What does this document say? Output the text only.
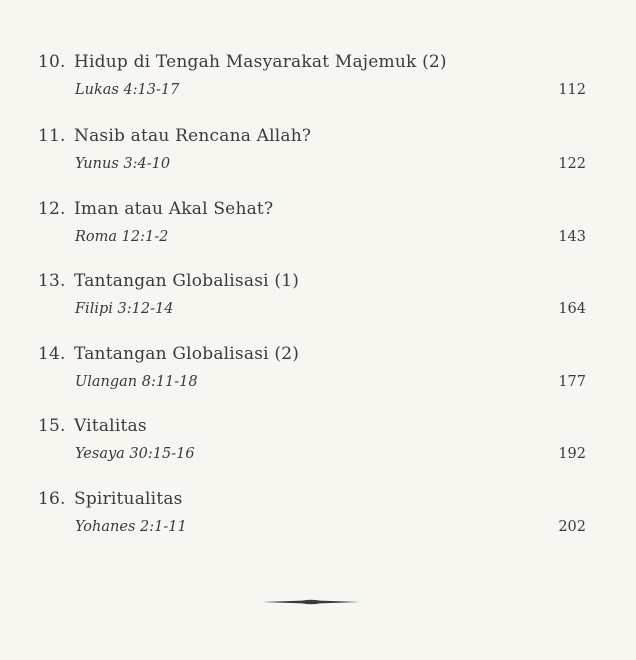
10. Hidup di Tengah Masyarakat Majemuk (2)
Lukas 4:13-17	112
11. Nasib atau Rencana Allah?
Yunus 3:4-10	122
12. Iman atau Akal Sehat?
Roma 12:1-2	143
13. Tantangan Globalisasi (1)
Filipi 3:12-14	164
14. Tantangan Globalisasi (2)
Ulangan 8:11-18	177
15. Vitalitas
Yesaya 30:15-16	192
16. Spiritualitas
Yohanes 2:1-11	202
